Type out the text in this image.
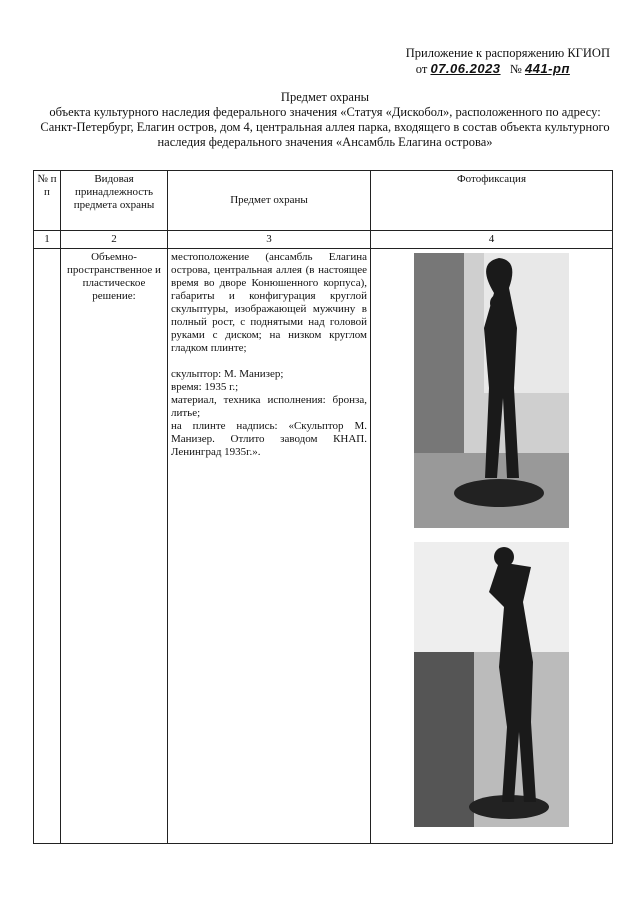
Приложение к распоряжению КГИОП
от 07.06.2023 № 441-рп
Предмет охраны
объекта культурного наследия федерального значения «Статуя «Дискобол», расположенного по адресу: Санкт-Петербург, Елагин остров, дом 4, центральная аллея парка, входящего в состав объекта культурного наследия федерального значения «Ансамбль Елагина острова»
№ п п	Видовая принадлежность предмета охраны	Предмет охраны	Фотофиксация
1	2	3	4
	Объемно-пространственное и пластическое решение:	местоположение (ансамбль Елагина острова, центральная аллея (в настоящее время во дворе Конюшенного корпуса), габариты и конфигурация круглой скульптуры, изображающей мужчину в полный рост, с поднятыми над головой руками с диском; на низком круглом гладком плинте;
скульптор: М. Манизер;
время: 1935 г.;
материал, техника исполнения: бронза, литье;
на плинте надпись: «Скульптор М. Манизер. Отлито заводом КНАП. Ленинград 1935г.».
